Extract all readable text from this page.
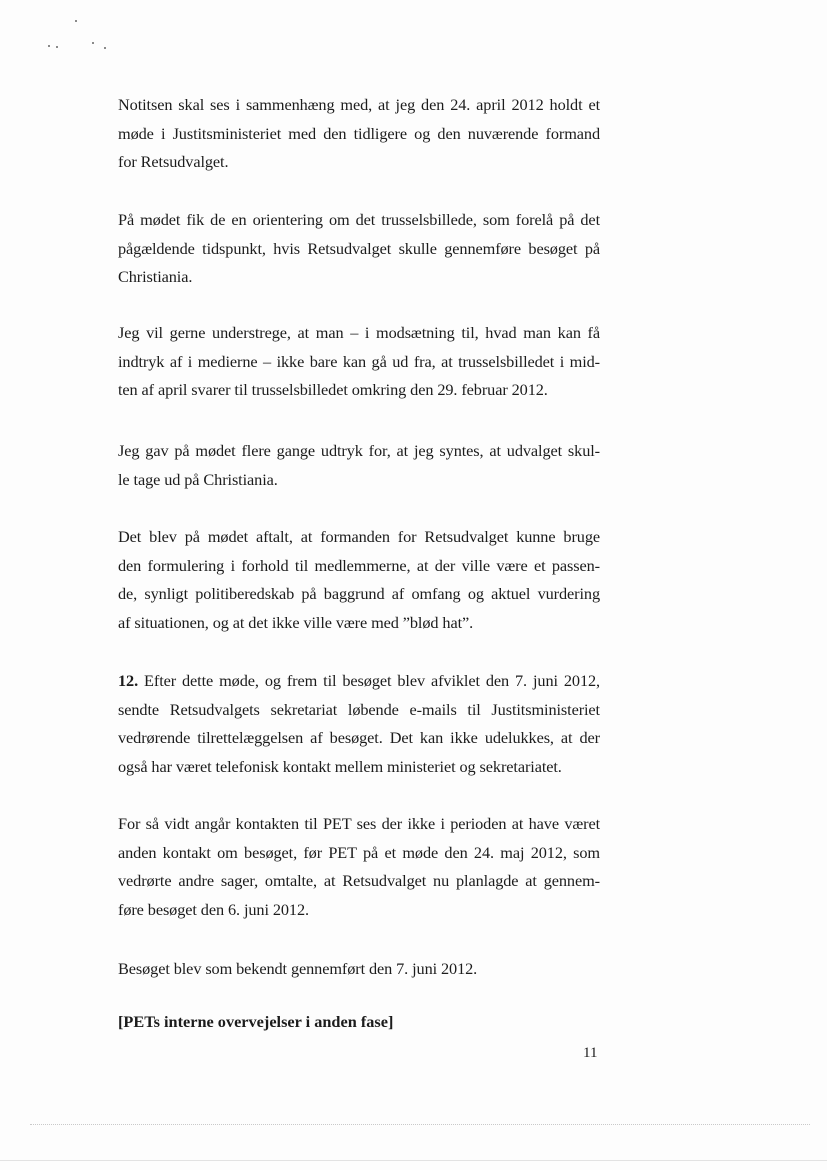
Notitsen skal ses i sammenhæng med, at jeg den 24. april 2012 holdt et
møde i Justitsministeriet med den tidligere og den nuværende formand
for Retsudvalget.
På mødet fik de en orientering om det trusselsbillede, som forelå på det
pågældende tidspunkt, hvis Retsudvalget skulle gennemføre besøget på
Christiania.
Jeg vil gerne understrege, at man – i modsætning til, hvad man kan få
indtryk af i medierne – ikke bare kan gå ud fra, at trusselsbilledet i mid-
ten af april svarer til trusselsbilledet omkring den 29. februar 2012.
Jeg gav på mødet flere gange udtryk for, at jeg syntes, at udvalget skul-
le tage ud på Christiania.
Det blev på mødet aftalt, at formanden for Retsudvalget kunne bruge
den formulering i forhold til medlemmerne, at der ville være et passen-
de, synligt politiberedskab på baggrund af omfang og aktuel vurdering
af situationen, og at det ikke ville være med ”blød hat”.
12. Efter dette møde, og frem til besøget blev afviklet den 7. juni 2012,
sendte Retsudvalgets sekretariat løbende e-mails til Justitsministeriet
vedrørende tilrettelæggelsen af besøget. Det kan ikke udelukkes, at der
også har været telefonisk kontakt mellem ministeriet og sekretariatet.
For så vidt angår kontakten til PET ses der ikke i perioden at have været
anden kontakt om besøget, før PET på et møde den 24. maj 2012, som
vedrørte andre sager, omtalte, at Retsudvalget nu planlagde at gennem-
føre besøget den 6. juni 2012.
Besøget blev som bekendt gennemført den 7. juni 2012.

[PETs interne overvejelser i anden fase]

11
